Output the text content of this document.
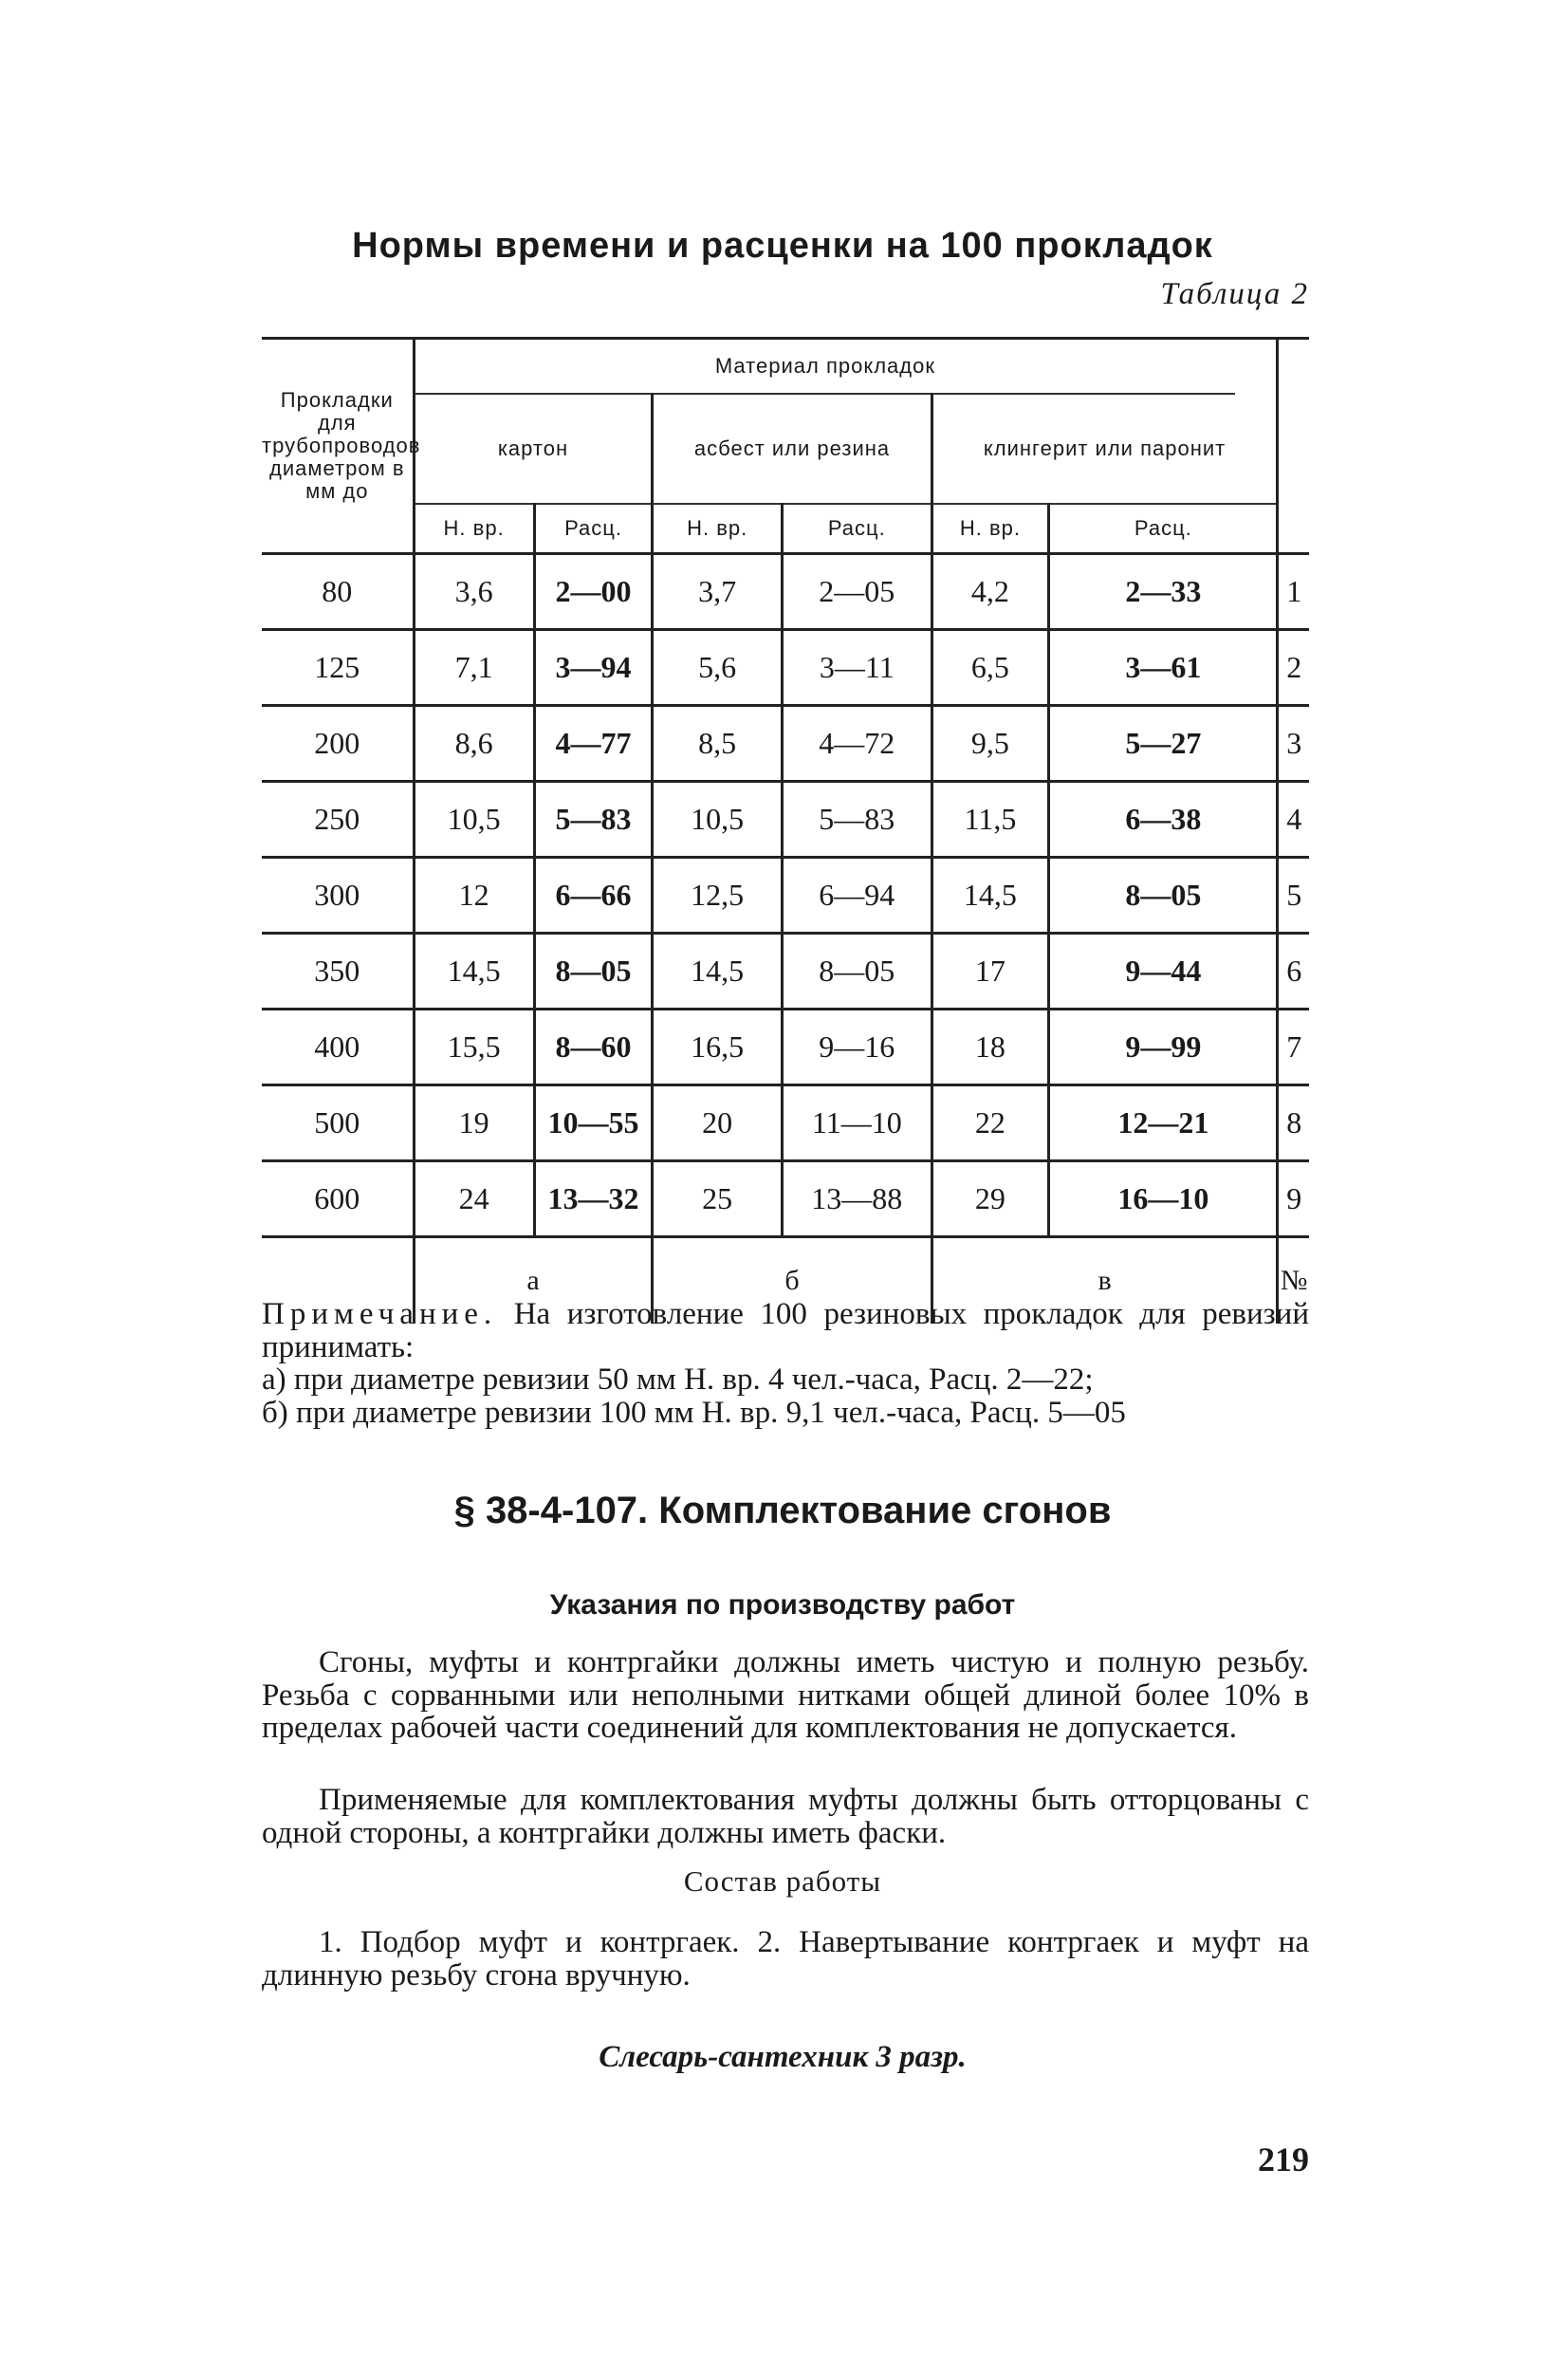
Нормы времени и расценки на 100 прокладок
Таблица 2
Прокладки для трубопроводов диаметром в мм до	Материал прокладок							
	картон		асбест или резина		клингерит или паронит			
	Н. вр.	Расц.	Н. вр.	Расц.	Н. вр.	Расц.		
80	3,6	2—00	3,7	2—05	4,2	2—33		1
125	7,1	3—94	5,6	3—11	6,5	3—61		2
200	8,6	4—77	8,5	4—72	9,5	5—27		3
250	10,5	5—83	10,5	5—83	11,5	6—38		4
300	12	6—66	12,5	6—94	14,5	8—05		5
350	14,5	8—05	14,5	8—05	17	9—44		6
400	15,5	8—60	16,5	9—16	18	9—99		7
500	19	10—55	20	11—10	22	12—21		8
600	24	13—32	25	13—88	29	16—10		9
	а		б		в			№

Примечание. На изготовление 100 резиновых прокладок для ревизий принимать:

а) при диаметре ревизии 50 мм Н. вр. 4 чел.-часа, Расц. 2—22;

б) при диаметре ревизии 100 мм Н. вр. 9,1 чел.-часа, Расц. 5—05

§ 38-4-107. Комплектование сгонов
Указания по производству работ

Сгоны, муфты и контргайки должны иметь чистую и полную резьбу. Резьба с сорванными или неполными нитками общей длиной более 10% в пределах рабочей части соединений для комплектования не допускается.

Применяемые для комплектования муфты должны быть отторцованы с одной стороны, а контргайки должны иметь фаски.

Состав работы

1. Подбор муфт и контргаек. 2. Навертывание контргаек и муфт на длинную резьбу сгона вручную.

Слесарь-сантехник 3 разр.
219
